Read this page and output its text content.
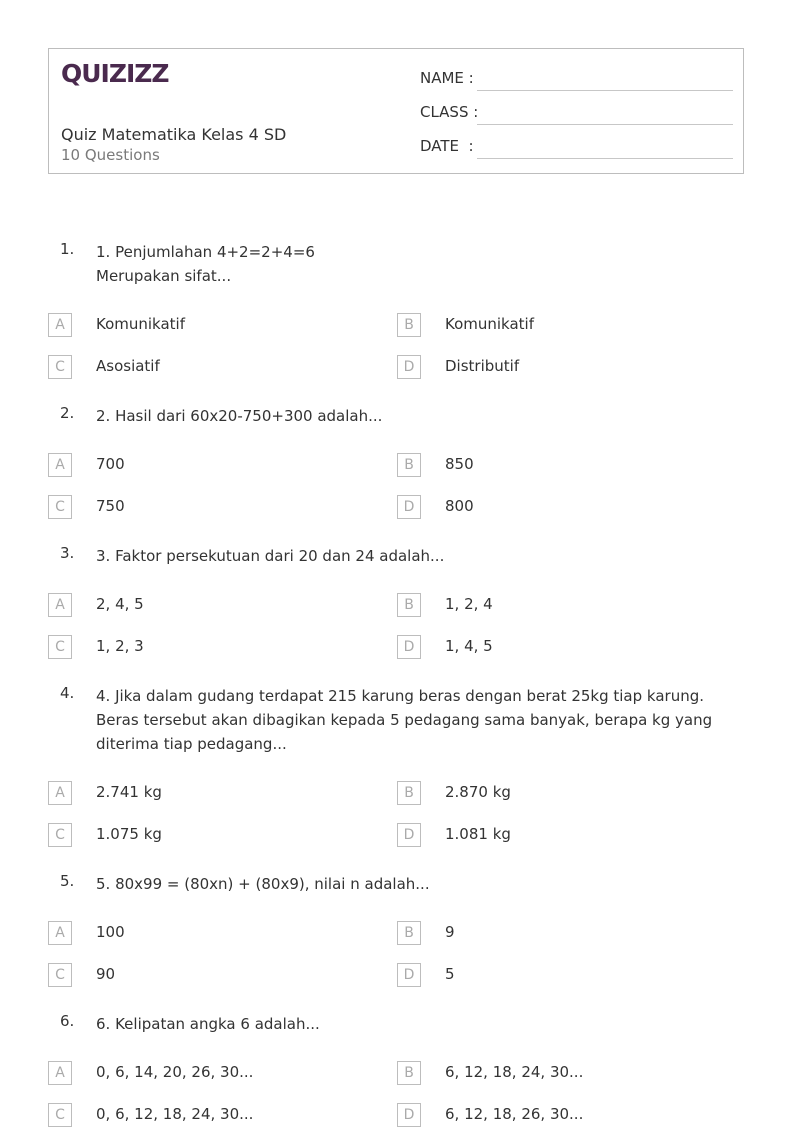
QUIZIZZ
Quiz Matematika Kelas 4 SD
10 Questions
NAME :
CLASS :
DATE  :
1. 1. Penjumlahan 4+2=2+4=6
Merupakan sifat...
2. 2. Hasil dari 60x20-750+300 adalah...
3. 3. Faktor persekutuan dari 20 dan 24 adalah...
4. 4. Jika dalam gudang terdapat 215 karung beras dengan berat 25kg tiap karung. Beras tersebut akan dibagikan kepada 5 pedagang sama banyak, berapa kg yang diterima tiap pedagang...
5. 5. 80x99 = (80xn) + (80x9), nilai n adalah...
6. 6. Kelipatan angka 6 adalah...
A	Komunikatif	B	Komunikatif
C	Asosiatif	D	Distributif
A	700	B	850
C	750	D	800
A	2, 4, 5	B	1, 2, 4
C	1, 2, 3	D	1, 4, 5
A	2.741 kg	B	2.870 kg
C	1.075 kg	D	1.081 kg
A	100	B	9
C	90	D	5
A	0, 6, 14, 20, 26, 30...	B	6, 12, 18, 24, 30...
C	0, 6, 12, 18, 24, 30...	D	6, 12, 18, 26, 30...
